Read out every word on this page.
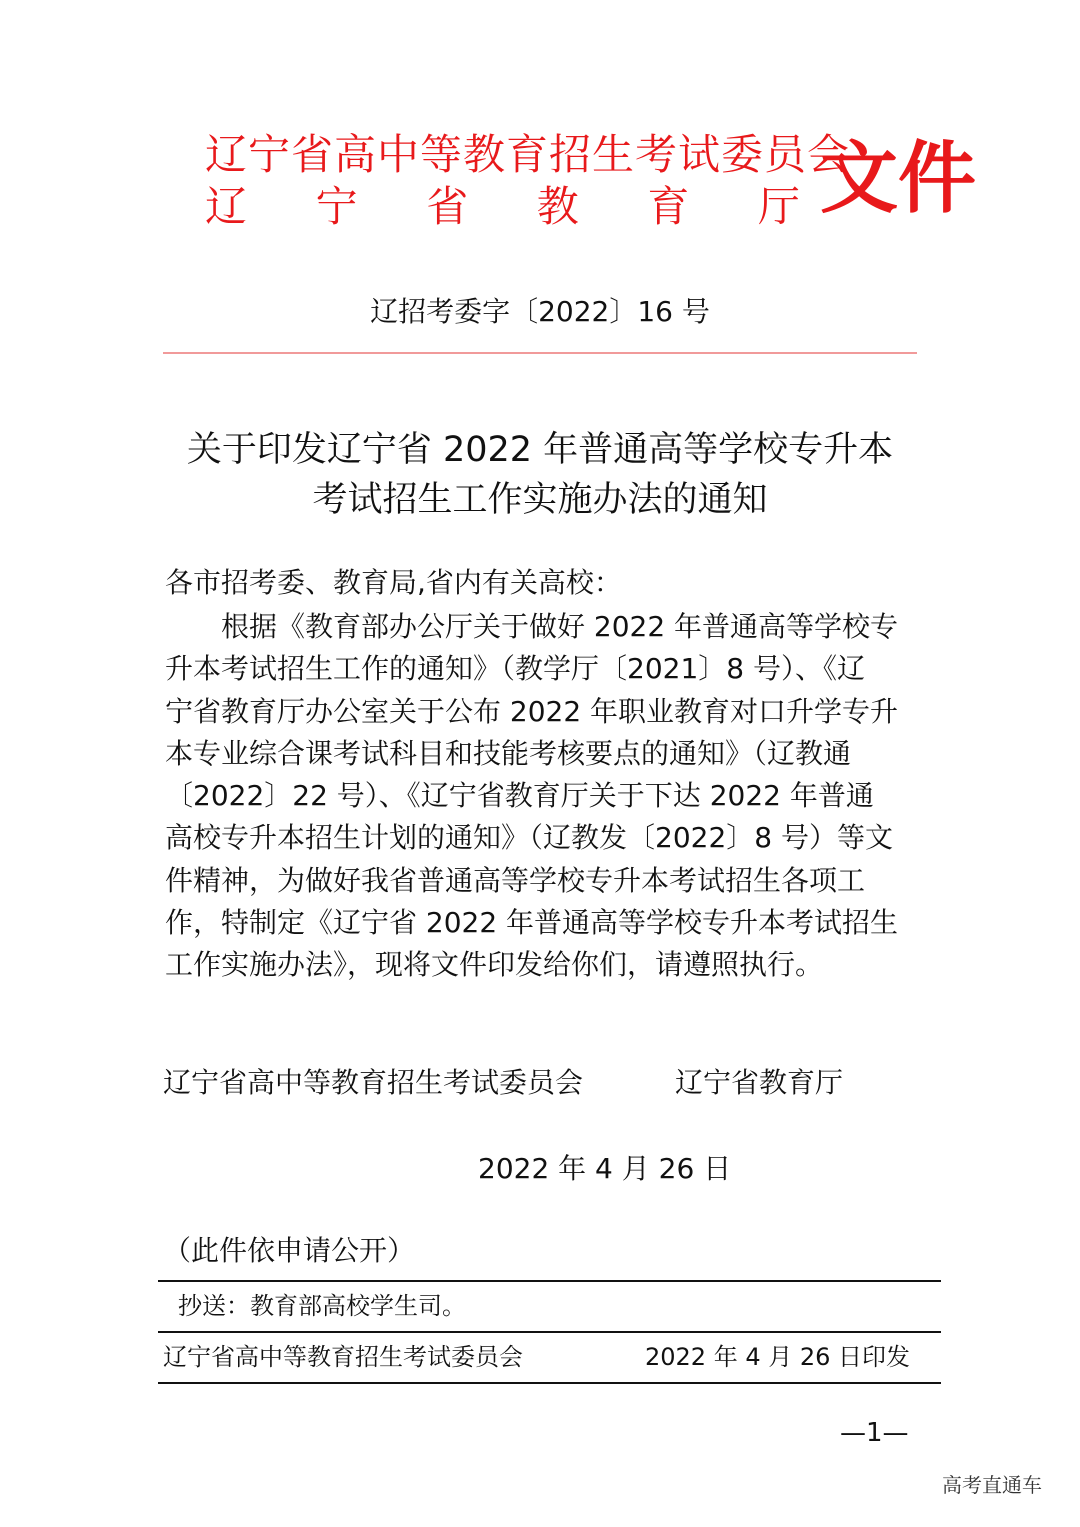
辽宁省高中等教育招生考试委员会
辽 宁 省 教 育 厅 文件
辽招考委字〔2022〕16 号
关于印发辽宁省 2022 年普通高等学校专升本
考试招生工作实施办法的通知
各市招考委、教育局,省内有关高校：
　　根据《教育部办公厅关于做好 2022 年普通高等学校专
升本考试招生工作的通知》（教学厅〔2021〕8 号）、《辽
宁省教育厅办公室关于公布 2022 年职业教育对口升学专升
本专业综合课考试科目和技能考核要点的通知》（辽教通
〔2022〕22 号）、《辽宁省教育厅关于下达 2022 年普通
高校专升本招生计划的通知》（辽教发〔2022〕8 号）等文
件精神，为做好我省普通高等学校专升本考试招生各项工
作，特制定《辽宁省 2022 年普通高等学校专升本考试招生
工作实施办法》，现将文件印发给你们，请遵照执行。
辽宁省高中等教育招生考试委员会	辽宁省教育厅
2022 年 4 月 26 日
（此件依申请公开）
抄送：教育部高校学生司。
辽宁省高中等教育招生考试委员会	2022 年 4 月 26 日印发
—1—
高考直通车
